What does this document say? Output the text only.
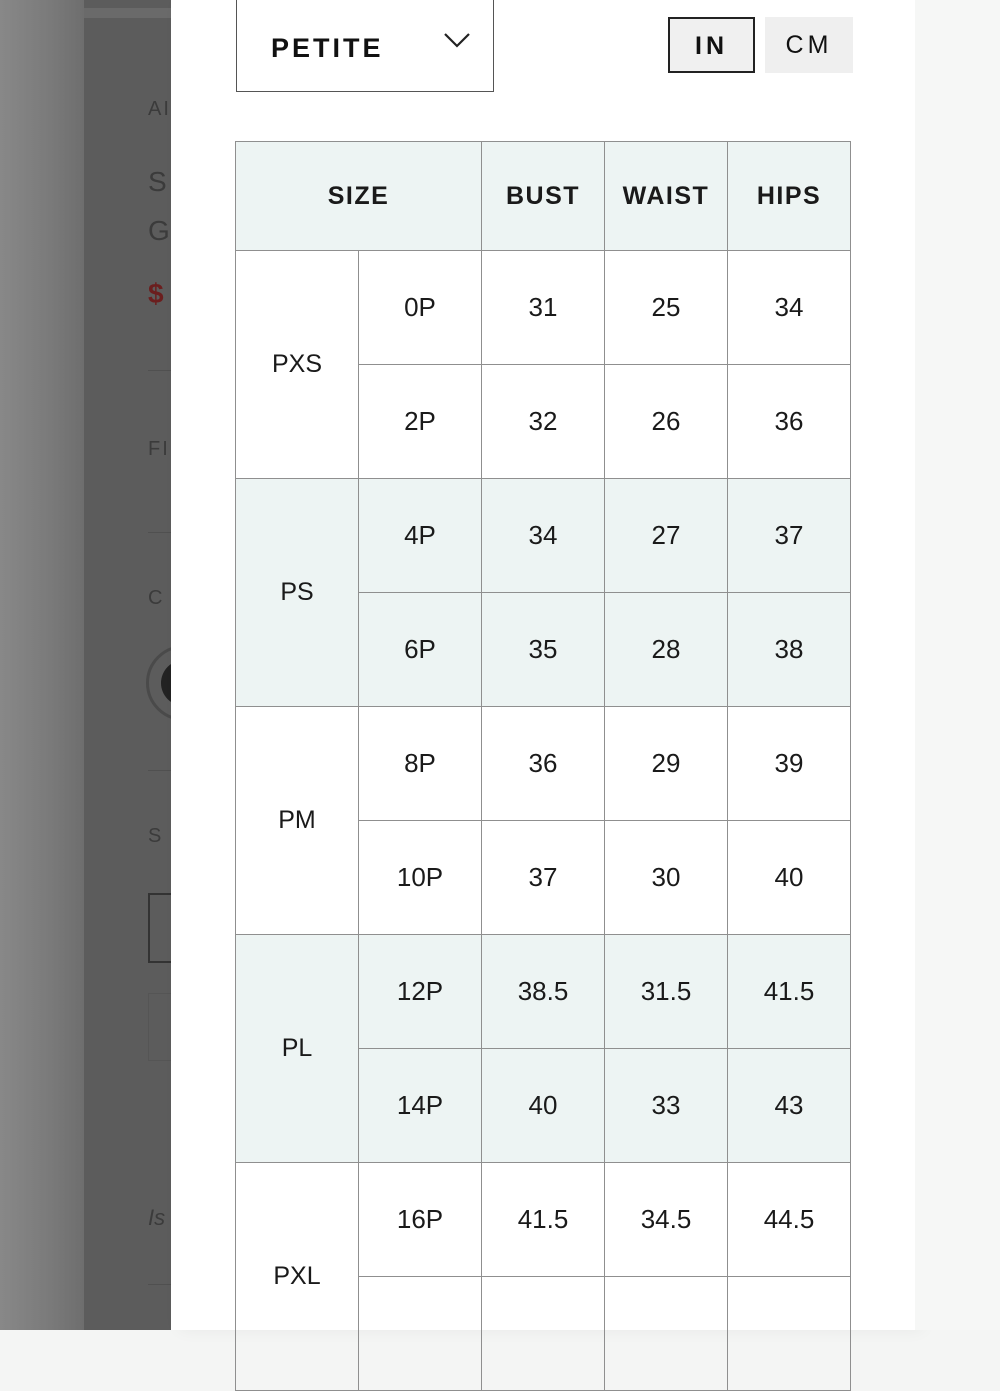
AI
S
G
$
FI
C
S
Is
PETITE	IN	CM
SIZE		BUST	WAIST	HIPS
PXS	0P	31	25	34
	2P	32	26	36
PS	4P	34	27	37
	6P	35	28	38
PM	8P	36	29	39
	10P	37	30	40
PL	12P	38.5	31.5	41.5
	14P	40	33	43
PXL	16P	41.5	34.5	44.5
